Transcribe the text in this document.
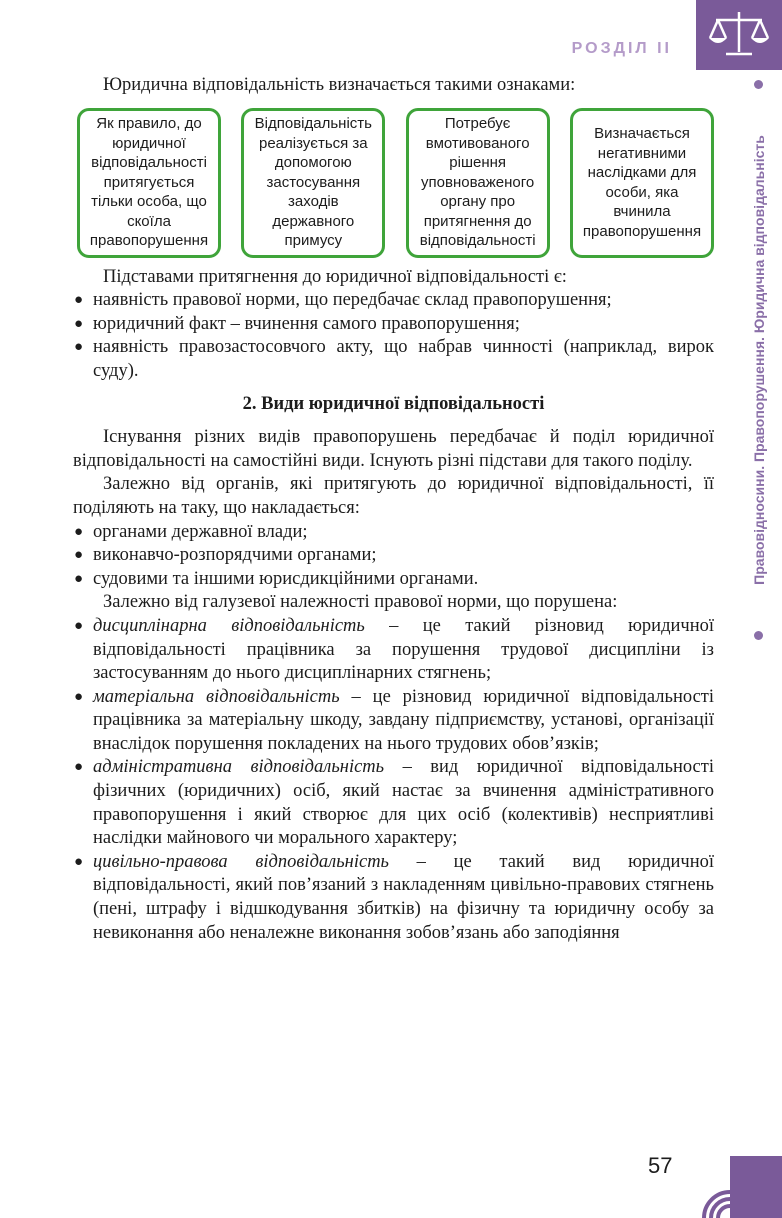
РОЗДІЛ II
Правовідносини. Правопорушення. Юридична відповідальність

Юридична відповідальність визначається такими ознаками:

Як правило, до юридичної відповідальності притягується тільки особа, що скоїла правопорушення
Відповідальність реалізується за допомогою застосування заходів державного примусу
Потребує вмотивованого рішення уповноваженого органу про притягнення до відповідальності
Визначається негативними наслідками для особи, яка вчинила правопорушення

Підставами притягнення до юридичної відповідальності є:

● наявність правової норми, що передбачає склад правопорушення;
● юридичний факт – вчинення самого правопорушення;
● наявність правозастосовчого акту, що набрав чинності (наприклад, вирок суду).

2. Види юридичної відповідальності

Існування різних видів правопорушень передбачає й поділ юридичної відповідальності на самостійні види. Існують різні підстави для такого поділу.

Залежно від органів, які притягують до юридичної відповідальності, її поділяють на таку, що накладається:

● органами державної влади;
● виконавчо-розпорядчими органами;
● судовими та іншими юрисдикційними органами.

Залежно від галузевої належності правової норми, що порушена:

● дисциплінарна відповідальність – це такий різновид юридичної відповідальності працівника за порушення трудової дисципліни із застосуванням до нього дисциплінарних стягнень;
● матеріальна відповідальність – це різновид юридичної відповідальності працівника за матеріальну шкоду, завдану підприємству, установі, організації внаслідок порушення покладених на нього трудових обов’язків;
● адміністративна відповідальність – вид юридичної відповідальності фізичних (юридичних) осіб, який настає за вчинення адміністративного правопорушення і який створює для цих осіб (колективів) несприятливі наслідки майнового чи морального характеру;
● цивільно-правова відповідальність – це такий вид юридичної відповідальності, який пов’язаний з накладенням цивільно-правових стягнень (пені, штрафу і відшкодування збитків) на фізичну та юридичну особу за невиконання або неналежне виконання зобов’язань або заподіяння
57
